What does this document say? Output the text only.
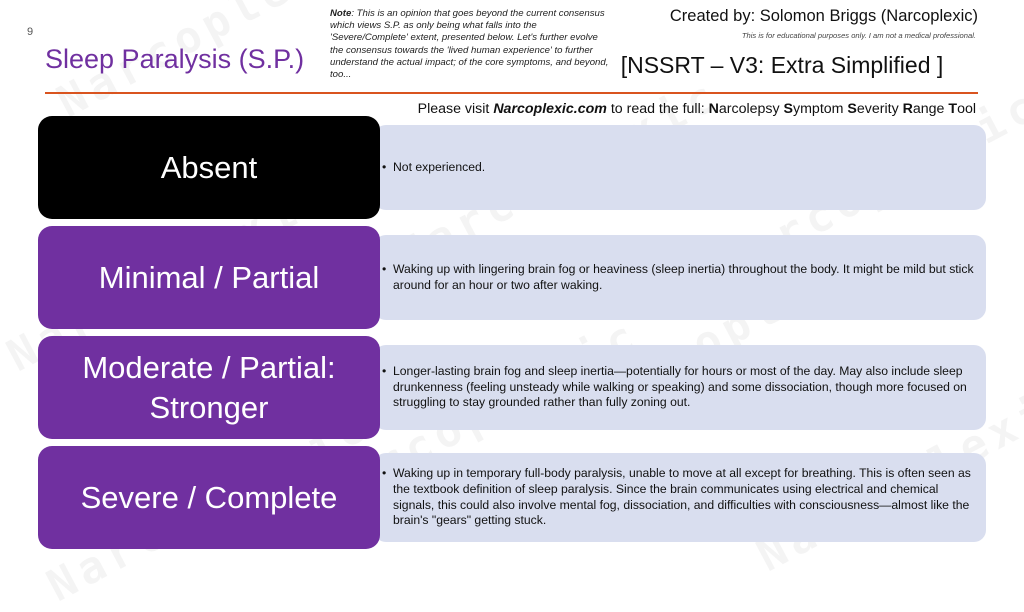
9
Sleep Paralysis (S.P.)
Note: This is an opinion that goes beyond the current consensus which views S.P. as only being what falls into the 'Severe/Complete' extent, presented below. Let's further evolve the consensus towards the 'lived human experience' to further understand the actual impact; of the core symptoms, and beyond, too...
Created by: Solomon Briggs (Narcoplexic)
This is for educational purposes only. I am not a medical professional.
[NSSRT – V3: Extra Simplified ]
Please visit Narcoplexic.com to read the full: Narcolepsy Symptom Severity Range Tool
Absent	• Not experienced.
Minimal / Partial	• Waking up with lingering brain fog or heaviness (sleep inertia) throughout the body. It might be mild but stick around for an hour or two after waking.
Moderate / Partial: Stronger
• Longer-lasting brain fog and sleep inertia—potentially for hours or most of the day. May also include sleep drunkenness (feeling unsteady while walking or speaking) and some dissociation, though more focused on struggling to stay grounded rather than fully zoning out.
Severe / Complete
• Waking up in temporary full-body paralysis, unable to move at all except for breathing. This is often seen as the textbook definition of sleep paralysis. Since the brain communicates using electrical and chemical signals, this could also involve mental fog, dissociation, and difficulties with consciousness—almost like the brain's "gears" getting stuck.
